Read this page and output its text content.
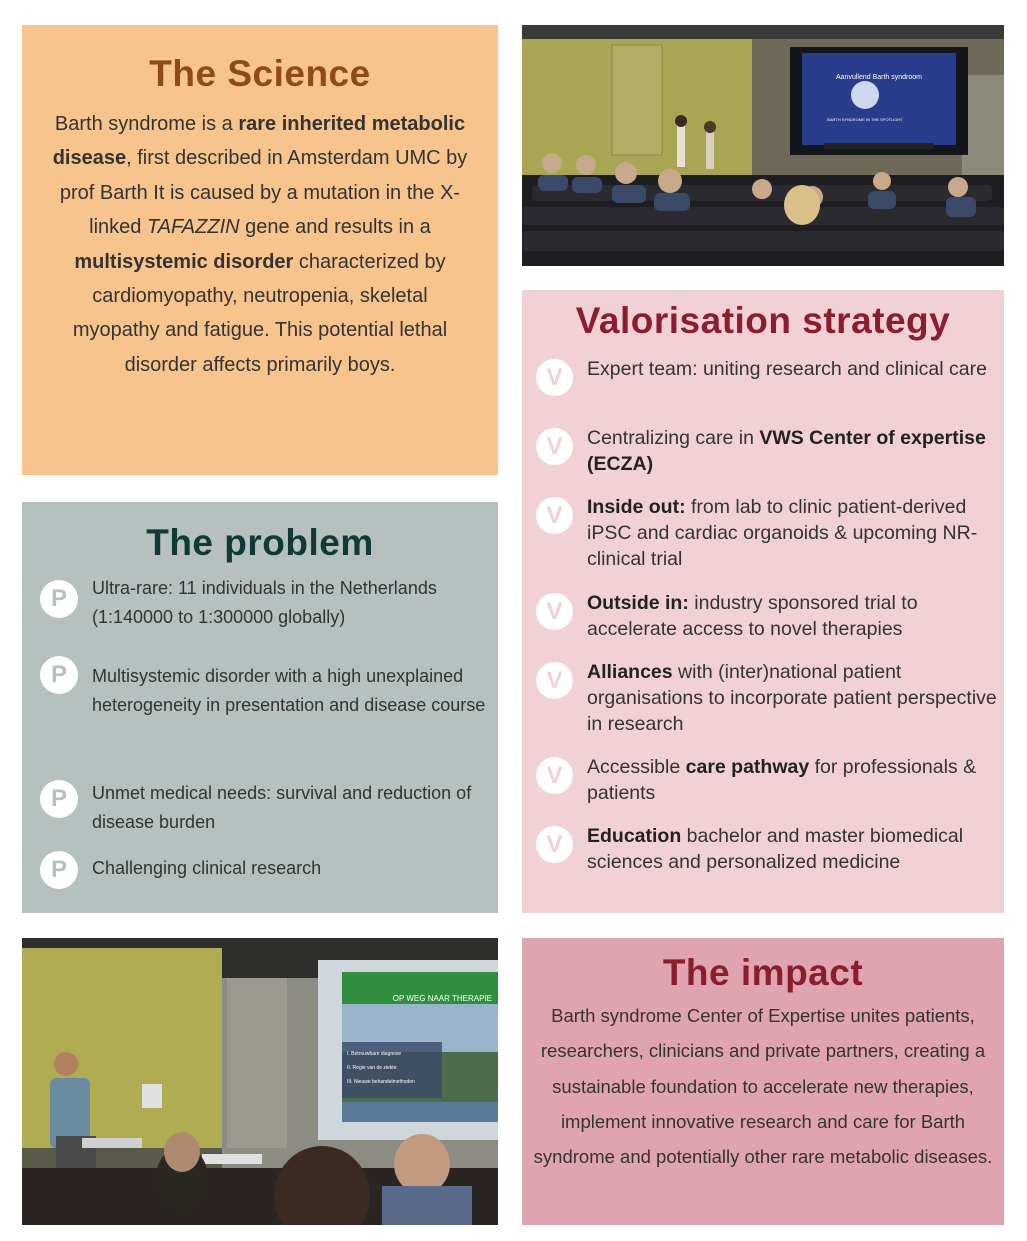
The Science
Barth syndrome is a rare inherited metabolic disease, first described in Amsterdam UMC by prof Barth It is caused by a mutation in the X-linked TAFAZZIN gene and results in a multisystemic disorder characterized by cardiomyopathy, neutropenia, skeletal myopathy and fatigue. This potential lethal disorder affects primarily boys.
Aanvullend Barth syndroom
BARTH SYNDROME IN THE SPOTLIGHT
Valorisation strategy
V	Expert team: uniting research and clinical care
V	Centralizing care in VWS Center of expertise (ECZA)
V	Inside out: from lab to clinic patient-derived iPSC and cardiac organoids & upcoming NR-clinical trial
V	Outside in: industry sponsored trial to accelerate access to novel therapies
V	Alliances with (inter)national patient organisations to incorporate patient perspective in research
V	Accessible care pathway for professionals & patients
V	Education bachelor and master biomedical sciences and personalized medicine
The problem
P	Ultra-rare: 11 individuals in the Netherlands (1:140000 to 1:300000 globally)
P	Multisystemic disorder with a high unexplained heterogeneity in presentation and disease course
P	Unmet medical needs: survival and reduction of disease burden
P	Challenging clinical research
OP WEG NAAR THERAPIE
I. Betrouwbare diagnose
II. Regie van de ziekte
III. Nieuwe behandelmethoden
The impact
Barth syndrome Center of Expertise unites patients, researchers, clinicians and private partners, creating a sustainable foundation to accelerate new therapies, implement innovative research and care for Barth syndrome and potentially other rare metabolic diseases.
